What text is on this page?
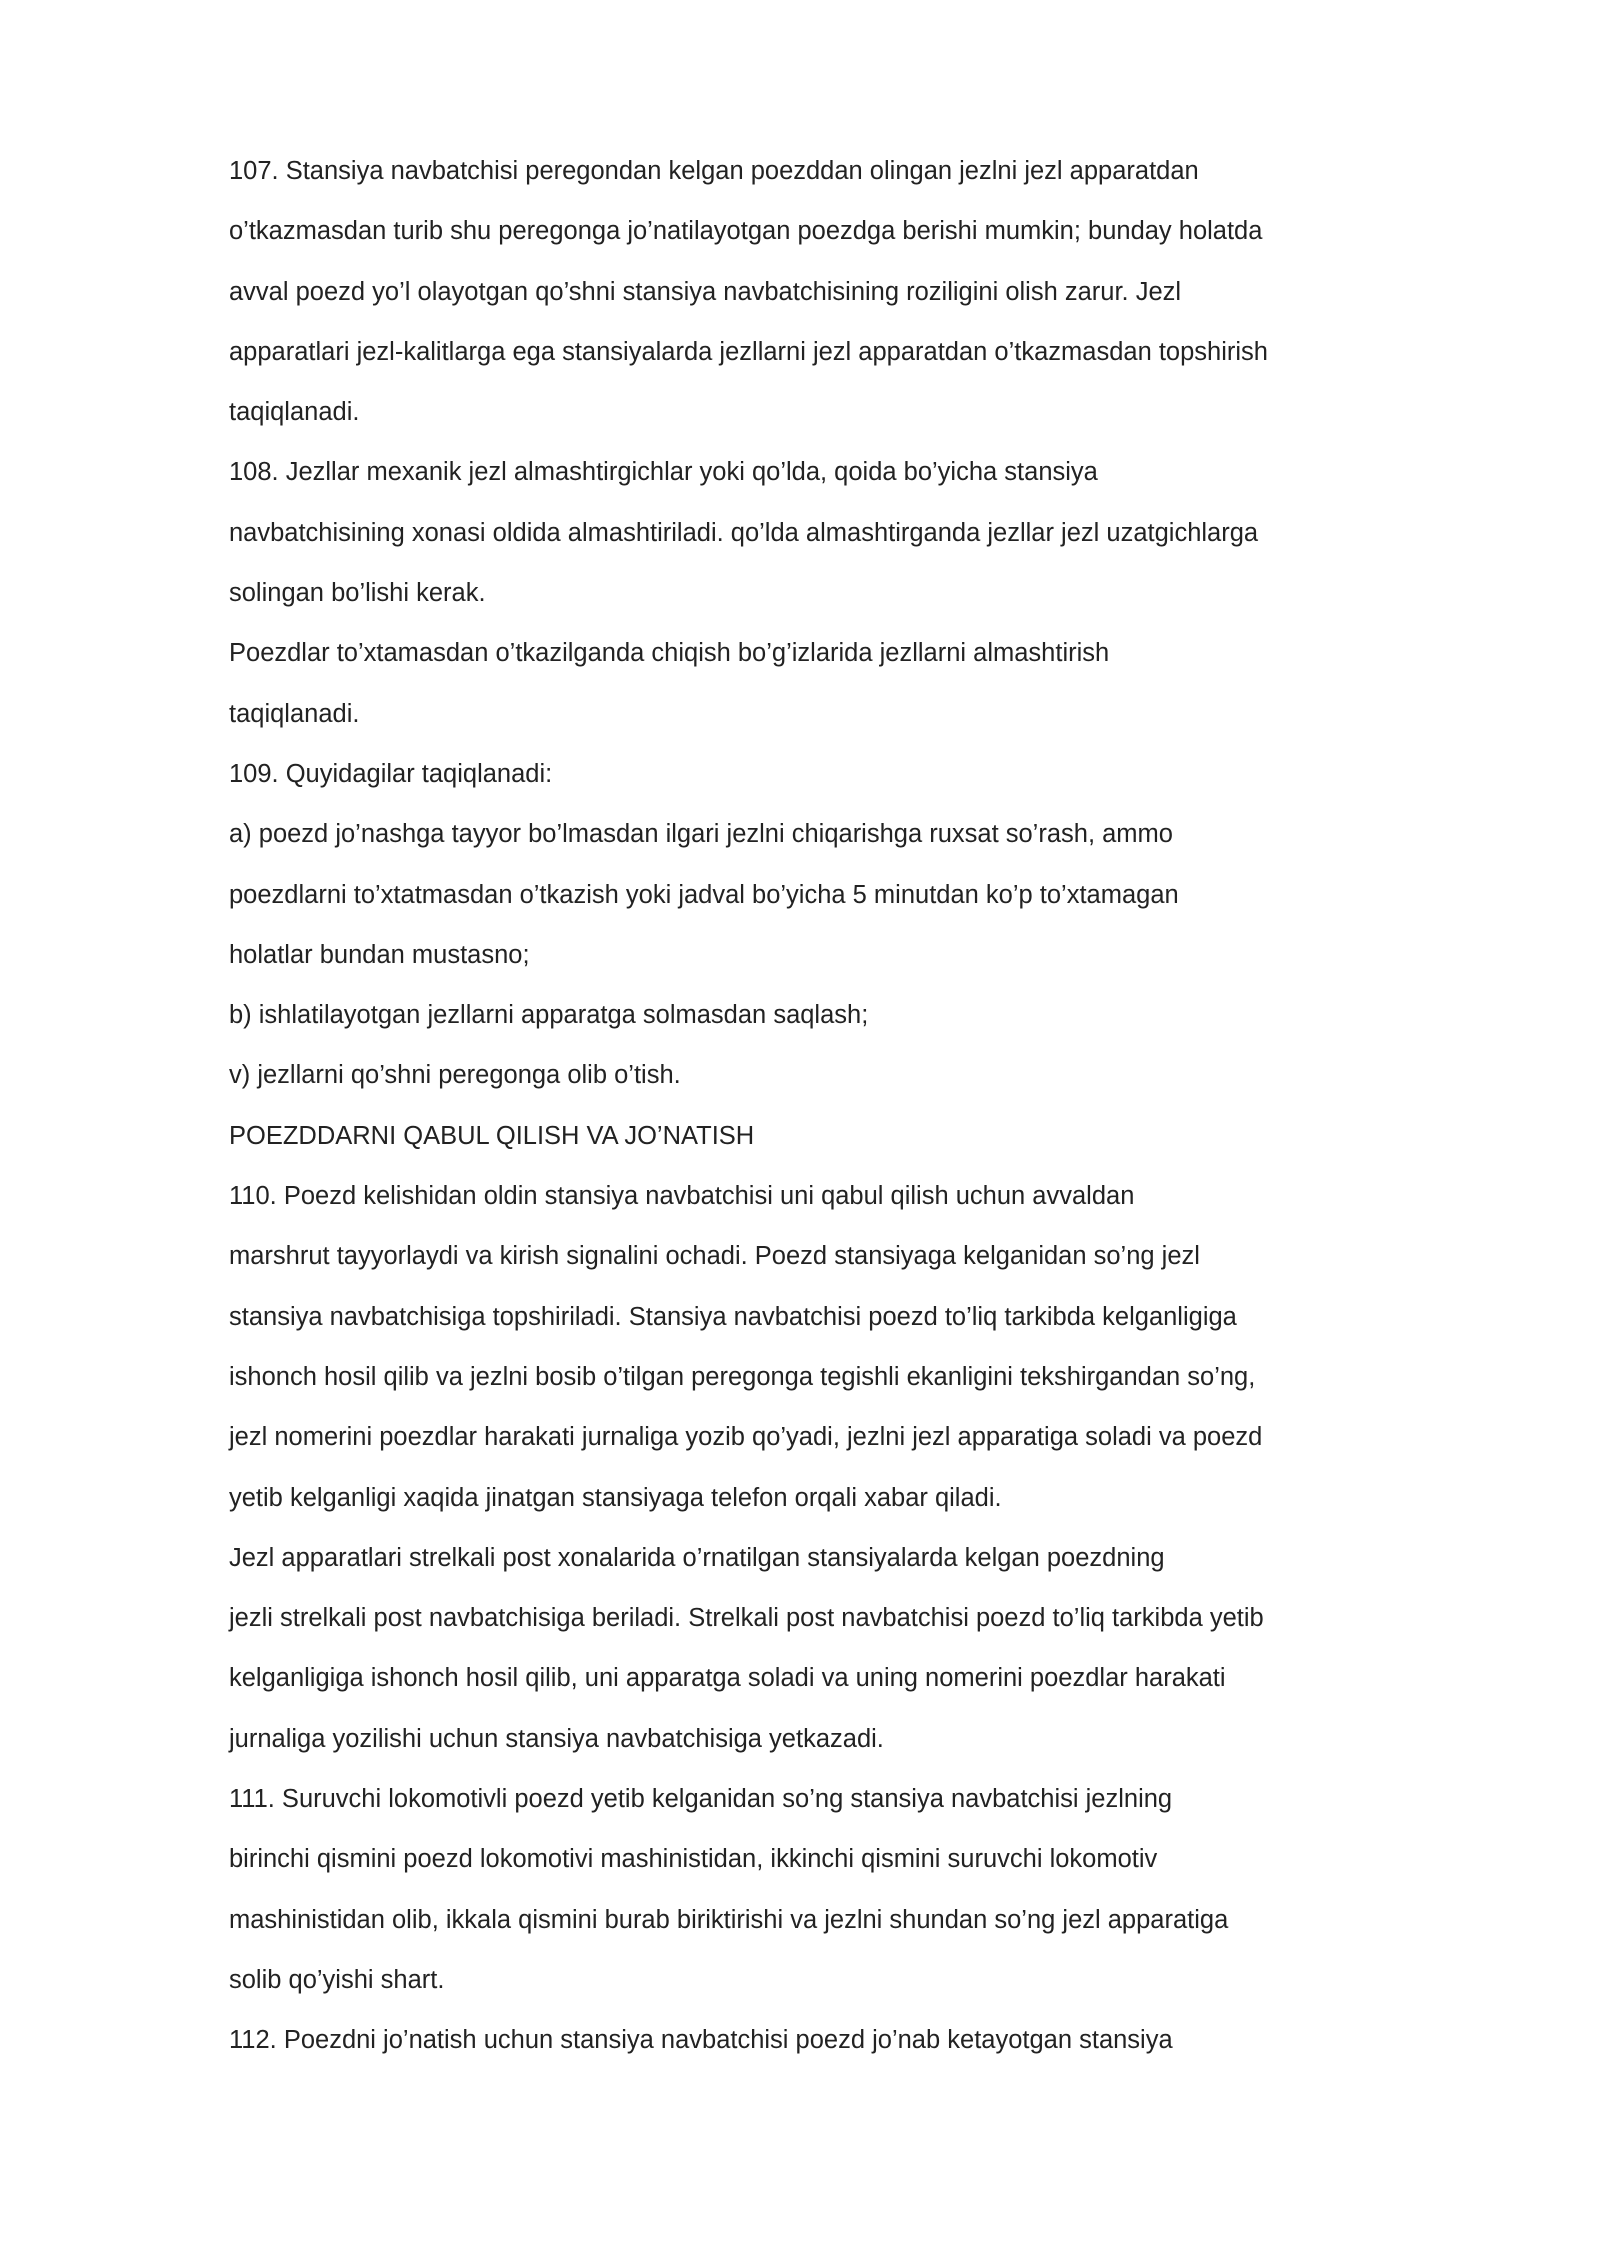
107. Stansiya navbatchisi peregondan kelgan poezddan olingan jezlni jezl apparatdan
o’tkazmasdan turib shu peregonga jo’natilayotgan poezdga berishi mumkin; bunday holatda
avval poezd yo’l olayotgan qo’shni stansiya navbatchisining roziligini olish zarur. Jezl
apparatlari jezl-kalitlarga ega stansiyalarda jezllarni jezl apparatdan o’tkazmasdan topshirish
taqiqlanadi.
108. Jezllar mexanik jezl almashtirgichlar yoki qo’lda, qoida bo’yicha stansiya
navbatchisining xonasi oldida almashtiriladi. qo’lda almashtirganda jezllar jezl uzatgichlarga
solingan bo’lishi kerak.
Poezdlar to’xtamasdan o’tkazilganda chiqish bo’g’izlarida jezllarni almashtirish
taqiqlanadi.
109. Quyidagilar taqiqlanadi:
a) poezd jo’nashga tayyor bo’lmasdan ilgari jezlni chiqarishga ruxsat so’rash, ammo
poezdlarni to’xtatmasdan o’tkazish yoki jadval bo’yicha 5 minutdan ko’p to’xtamagan
holatlar bundan mustasno;
b) ishlatilayotgan jezllarni apparatga solmasdan saqlash;
v) jezllarni qo’shni peregonga olib o’tish.
POEZDDARNI QABUL QILISH VA JO’NATISH
110. Poezd kelishidan oldin stansiya navbatchisi uni qabul qilish uchun avvaldan
marshrut tayyorlaydi va kirish signalini ochadi. Poezd stansiyaga kelganidan so’ng jezl
stansiya navbatchisiga topshiriladi. Stansiya navbatchisi poezd to’liq tarkibda kelganligiga
ishonch hosil qilib va jezlni bosib o’tilgan peregonga tegishli ekanligini tekshirgandan so’ng,
jezl nomerini poezdlar harakati jurnaliga yozib qo’yadi, jezlni jezl apparatiga soladi va poezd
yetib kelganligi xaqida jinatgan stansiyaga telefon orqali xabar qiladi.
Jezl apparatlari strelkali post xonalarida o’rnatilgan stansiyalarda kelgan poezdning
jezli strelkali post navbatchisiga beriladi. Strelkali post navbatchisi poezd to’liq tarkibda yetib
kelganligiga ishonch hosil qilib, uni apparatga soladi va uning nomerini poezdlar harakati
jurnaliga yozilishi uchun stansiya navbatchisiga yetkazadi.
111. Suruvchi lokomotivli poezd yetib kelganidan so’ng stansiya navbatchisi jezlning
birinchi qismini poezd lokomotivi mashinistidan, ikkinchi qismini suruvchi lokomotiv
mashinistidan olib, ikkala qismini burab biriktirishi va jezlni shundan so’ng jezl apparatiga
solib qo’yishi shart.
112. Poezdni jo’natish uchun stansiya navbatchisi poezd jo’nab ketayotgan stansiya
